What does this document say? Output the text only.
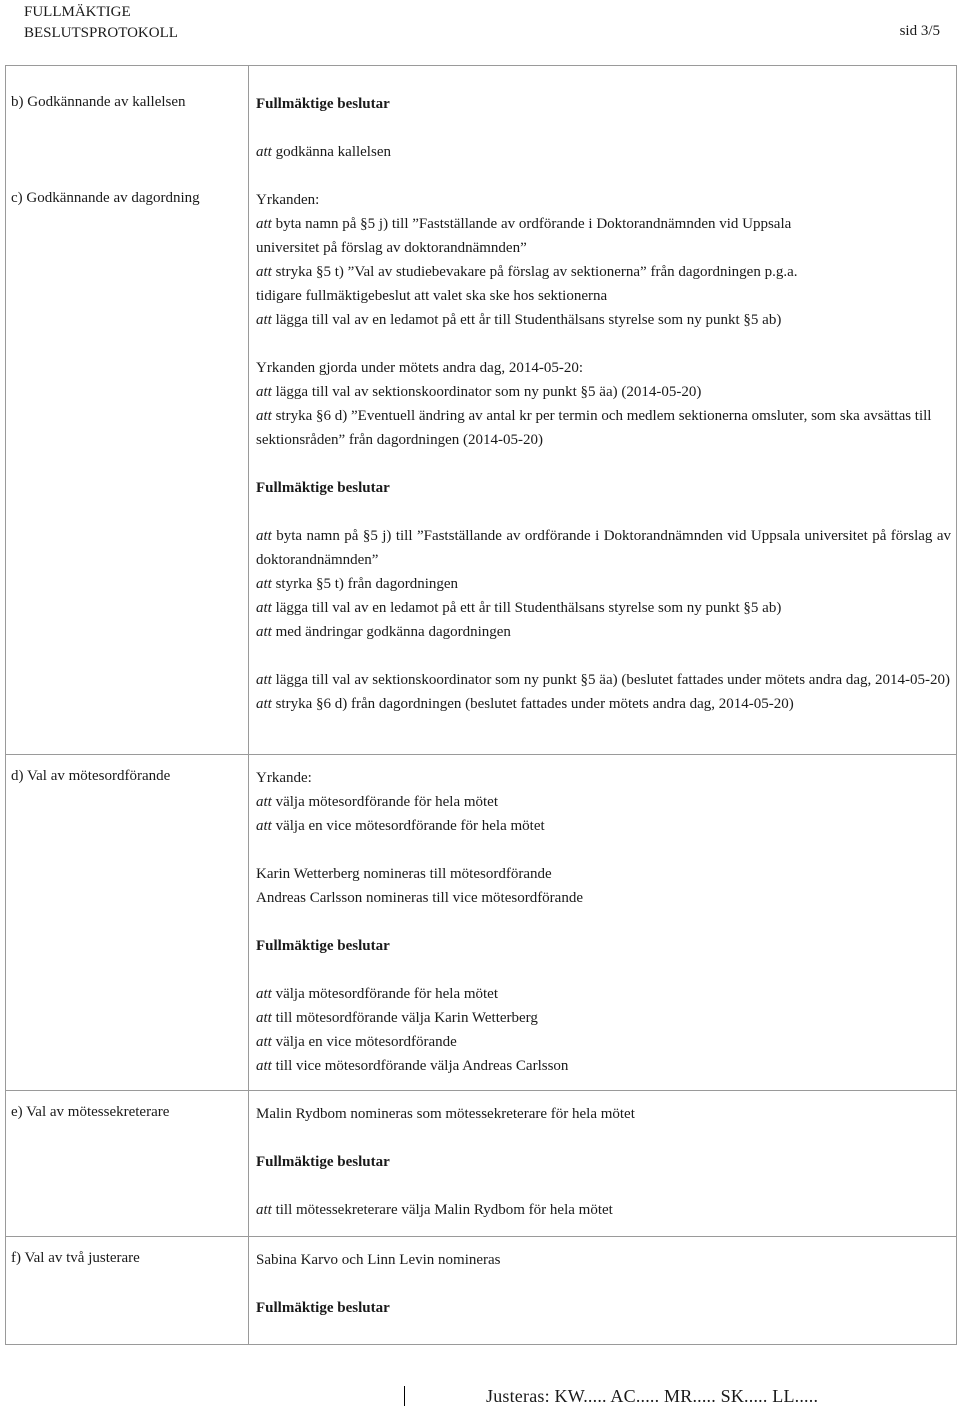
FULLMÄKTIGE
BESLUTSPROTOKOLL	sid 3/5
b) Godkännande av kallelsen	Fullmäktige beslutar
att godkänna kallelsen
c) Godkännande av dagordning	Yrkanden:
att byta namn på §5 j) till ”Fastställande av ordförande i Doktorandnämnden vid Uppsala
universitet på förslag av doktorandnämnden”
att stryka §5 t) ”Val av studiebevakare på förslag av sektionerna” från dagordningen p.g.a.
tidigare fullmäktigebeslut att valet ska ske hos sektionerna
att lägga till val av en ledamot på ett år till Studenthälsans styrelse som ny punkt §5 ab)
Yrkanden gjorda under mötets andra dag, 2014-05-20:
att lägga till val av sektionskoordinator som ny punkt §5 äa) (2014-05-20)
att stryka §6 d) ”Eventuell ändring av antal kr per termin och medlem sektionerna omsluter, som ska avsättas till sektionsråden” från dagordningen (2014-05-20)
Fullmäktige beslutar
att byta namn på §5 j) till ”Fastställande av ordförande i Doktorandnämnden vid Uppsala universitet på förslag av doktorandnämnden”
att styrka §5 t) från dagordningen
att lägga till val av en ledamot på ett år till Studenthälsans styrelse som ny punkt §5 ab)
att med ändringar godkänna dagordningen
att lägga till val av sektionskoordinator som ny punkt §5 äa) (beslutet fattades under mötets andra dag, 2014-05-20)
att stryka §6 d) från dagordningen (beslutet fattades under mötets andra dag, 2014-05-20)
d) Val av mötesordförande	Yrkande:
att välja mötesordförande för hela mötet
att välja en vice mötesordförande för hela mötet
Karin Wetterberg nomineras till mötesordförande
Andreas Carlsson nomineras till vice mötesordförande
Fullmäktige beslutar
att välja mötesordförande för hela mötet
att till mötesordförande välja Karin Wetterberg
att välja en vice mötesordförande
att till vice mötesordförande välja Andreas Carlsson
e) Val av mötessekreterare	Malin Rydbom nomineras som mötessekreterare för hela mötet
Fullmäktige beslutar
att till mötessekreterare välja Malin Rydbom för hela mötet
f) Val av två justerare	Sabina Karvo och Linn Levin nomineras
Fullmäktige beslutar
Justeras: KW..... AC..... MR..... SK..... LL.....
